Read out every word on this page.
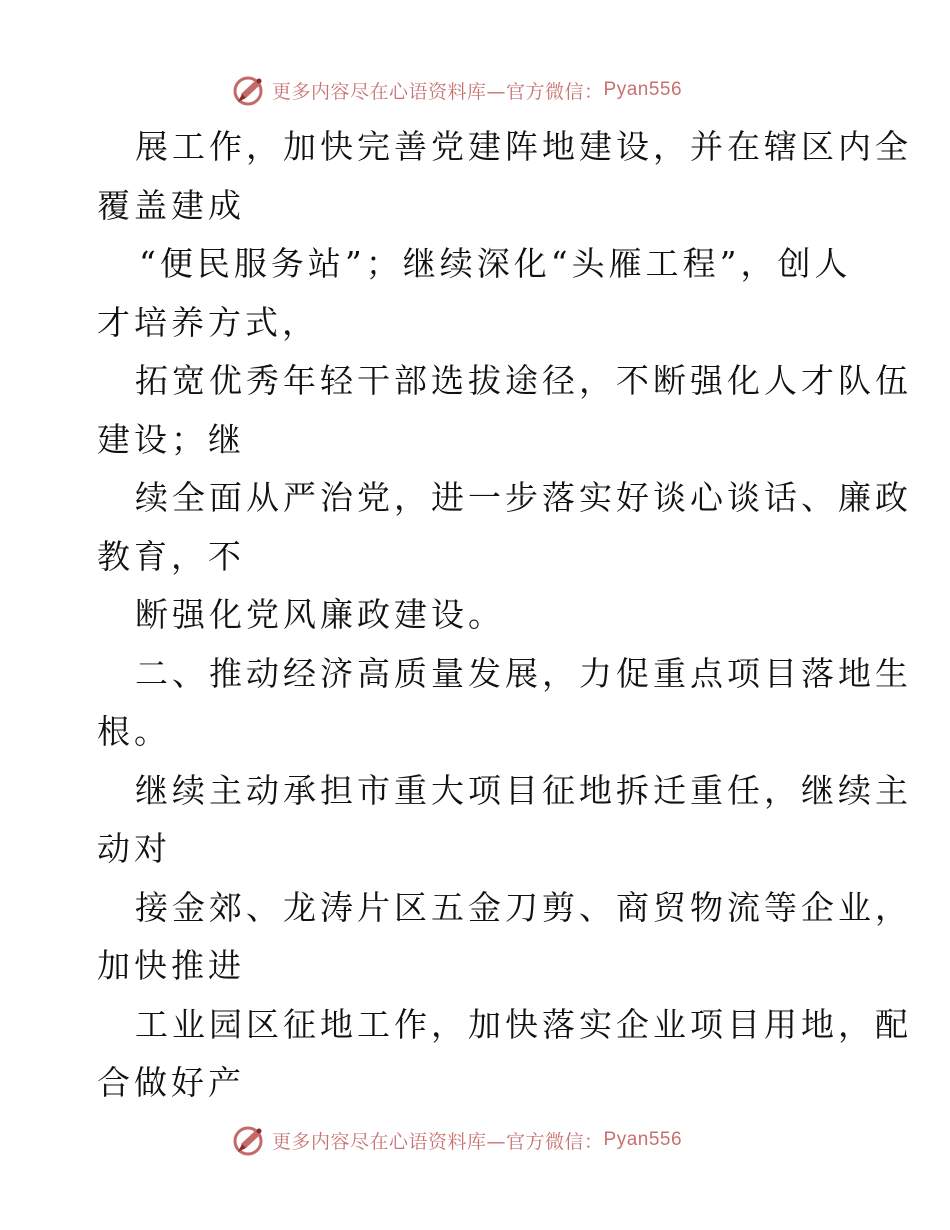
更多内容尽在心语资料库—官方微信： Pyan556
展工作，加快完善党建阵地建设，并在辖区内全
覆盖建成
“便民服务站”；继续深化“头雁工程”，创人
才培养方式，
拓宽优秀年轻干部选拔途径，不断强化人才队伍
建设；继
续全面从严治党，进一步落实好谈心谈话、廉政
教育，不
断强化党风廉政建设。
二、推动经济高质量发展，力促重点项目落地生
根。
继续主动承担市重大项目征地拆迁重任，继续主
动对
接金郊、龙涛片区五金刀剪、商贸物流等企业，
加快推进
工业园区征地工作，加快落实企业项目用地，配
合做好产
更多内容尽在心语资料库—官方微信： Pyan556
